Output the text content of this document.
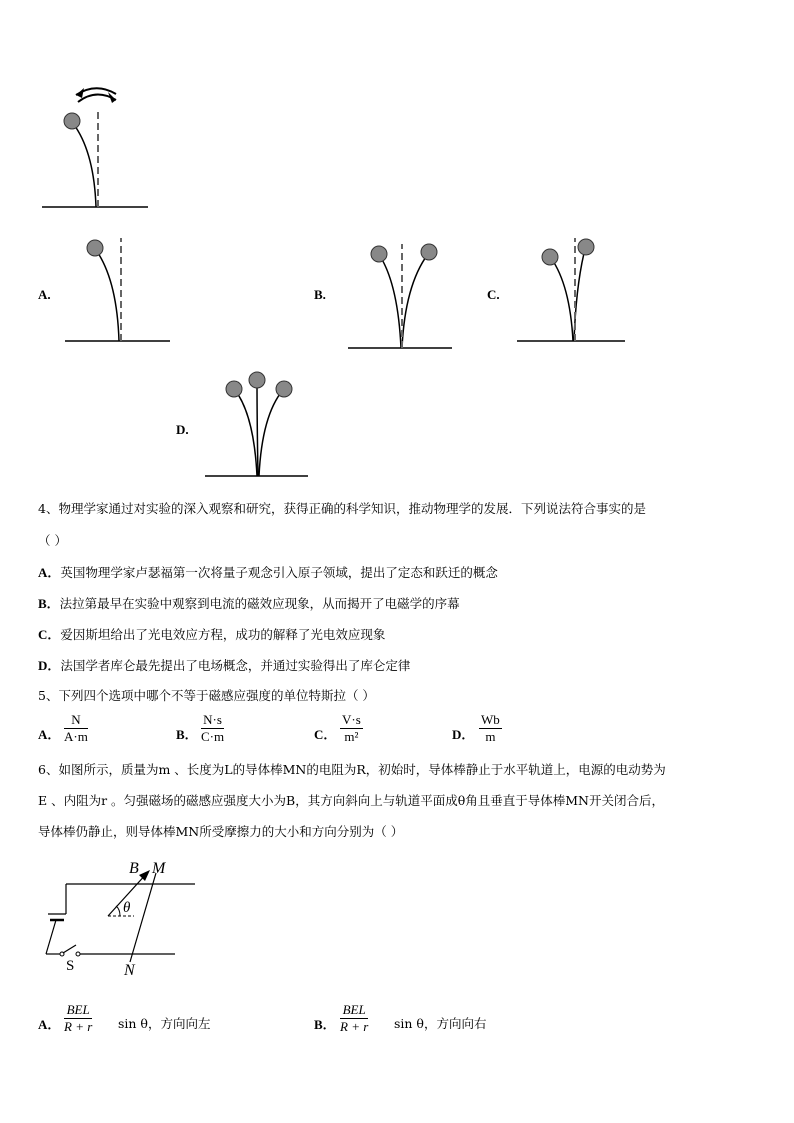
A.	B.	C.
D.
4、物理学家通过对实验的深入观察和研究，获得正确的科学知识，推动物理学的发展．下列说法符合事实的是
（ ）
A．英国物理学家卢瑟福第一次将量子观念引入原子领域，提出了定态和跃迁的概念
B．法拉第最早在实验中观察到电流的磁效应现象，从而揭开了电磁学的序幕
C．爱因斯坦给出了光电效应方程，成功的解释了光电效应现象
D．法国学者库仑最先提出了电场概念，并通过实验得出了库仑定律
5、下列四个选项中哪个不等于磁感应强度的单位特斯拉（ ）
A． $\frac{N}{A\cdot m}$	B． $\frac{N\cdot s}{C\cdot m}$	C． $\frac{V\cdot s}{\text{m²}}$	D． $\frac{Wb}{m}$
6、如图所示，质量为m 、长度为L的导体棒MN的电阻为R，初始时，导体棒静止于水平轨道上，电源的电动势为
E 、内阻为r 。匀强磁场的磁感应强度大小为B，其方向斜向上与轨道平面成θ角且垂直于导体棒MN开关闭合后，
导体棒仍静止，则导体棒MN所受摩擦力的大小和方向分别为（ ）
B M
θ
S	N
A．
BEL
R + r sin θ，方向向左	B．
BEL
R + r sin θ，方向向右
